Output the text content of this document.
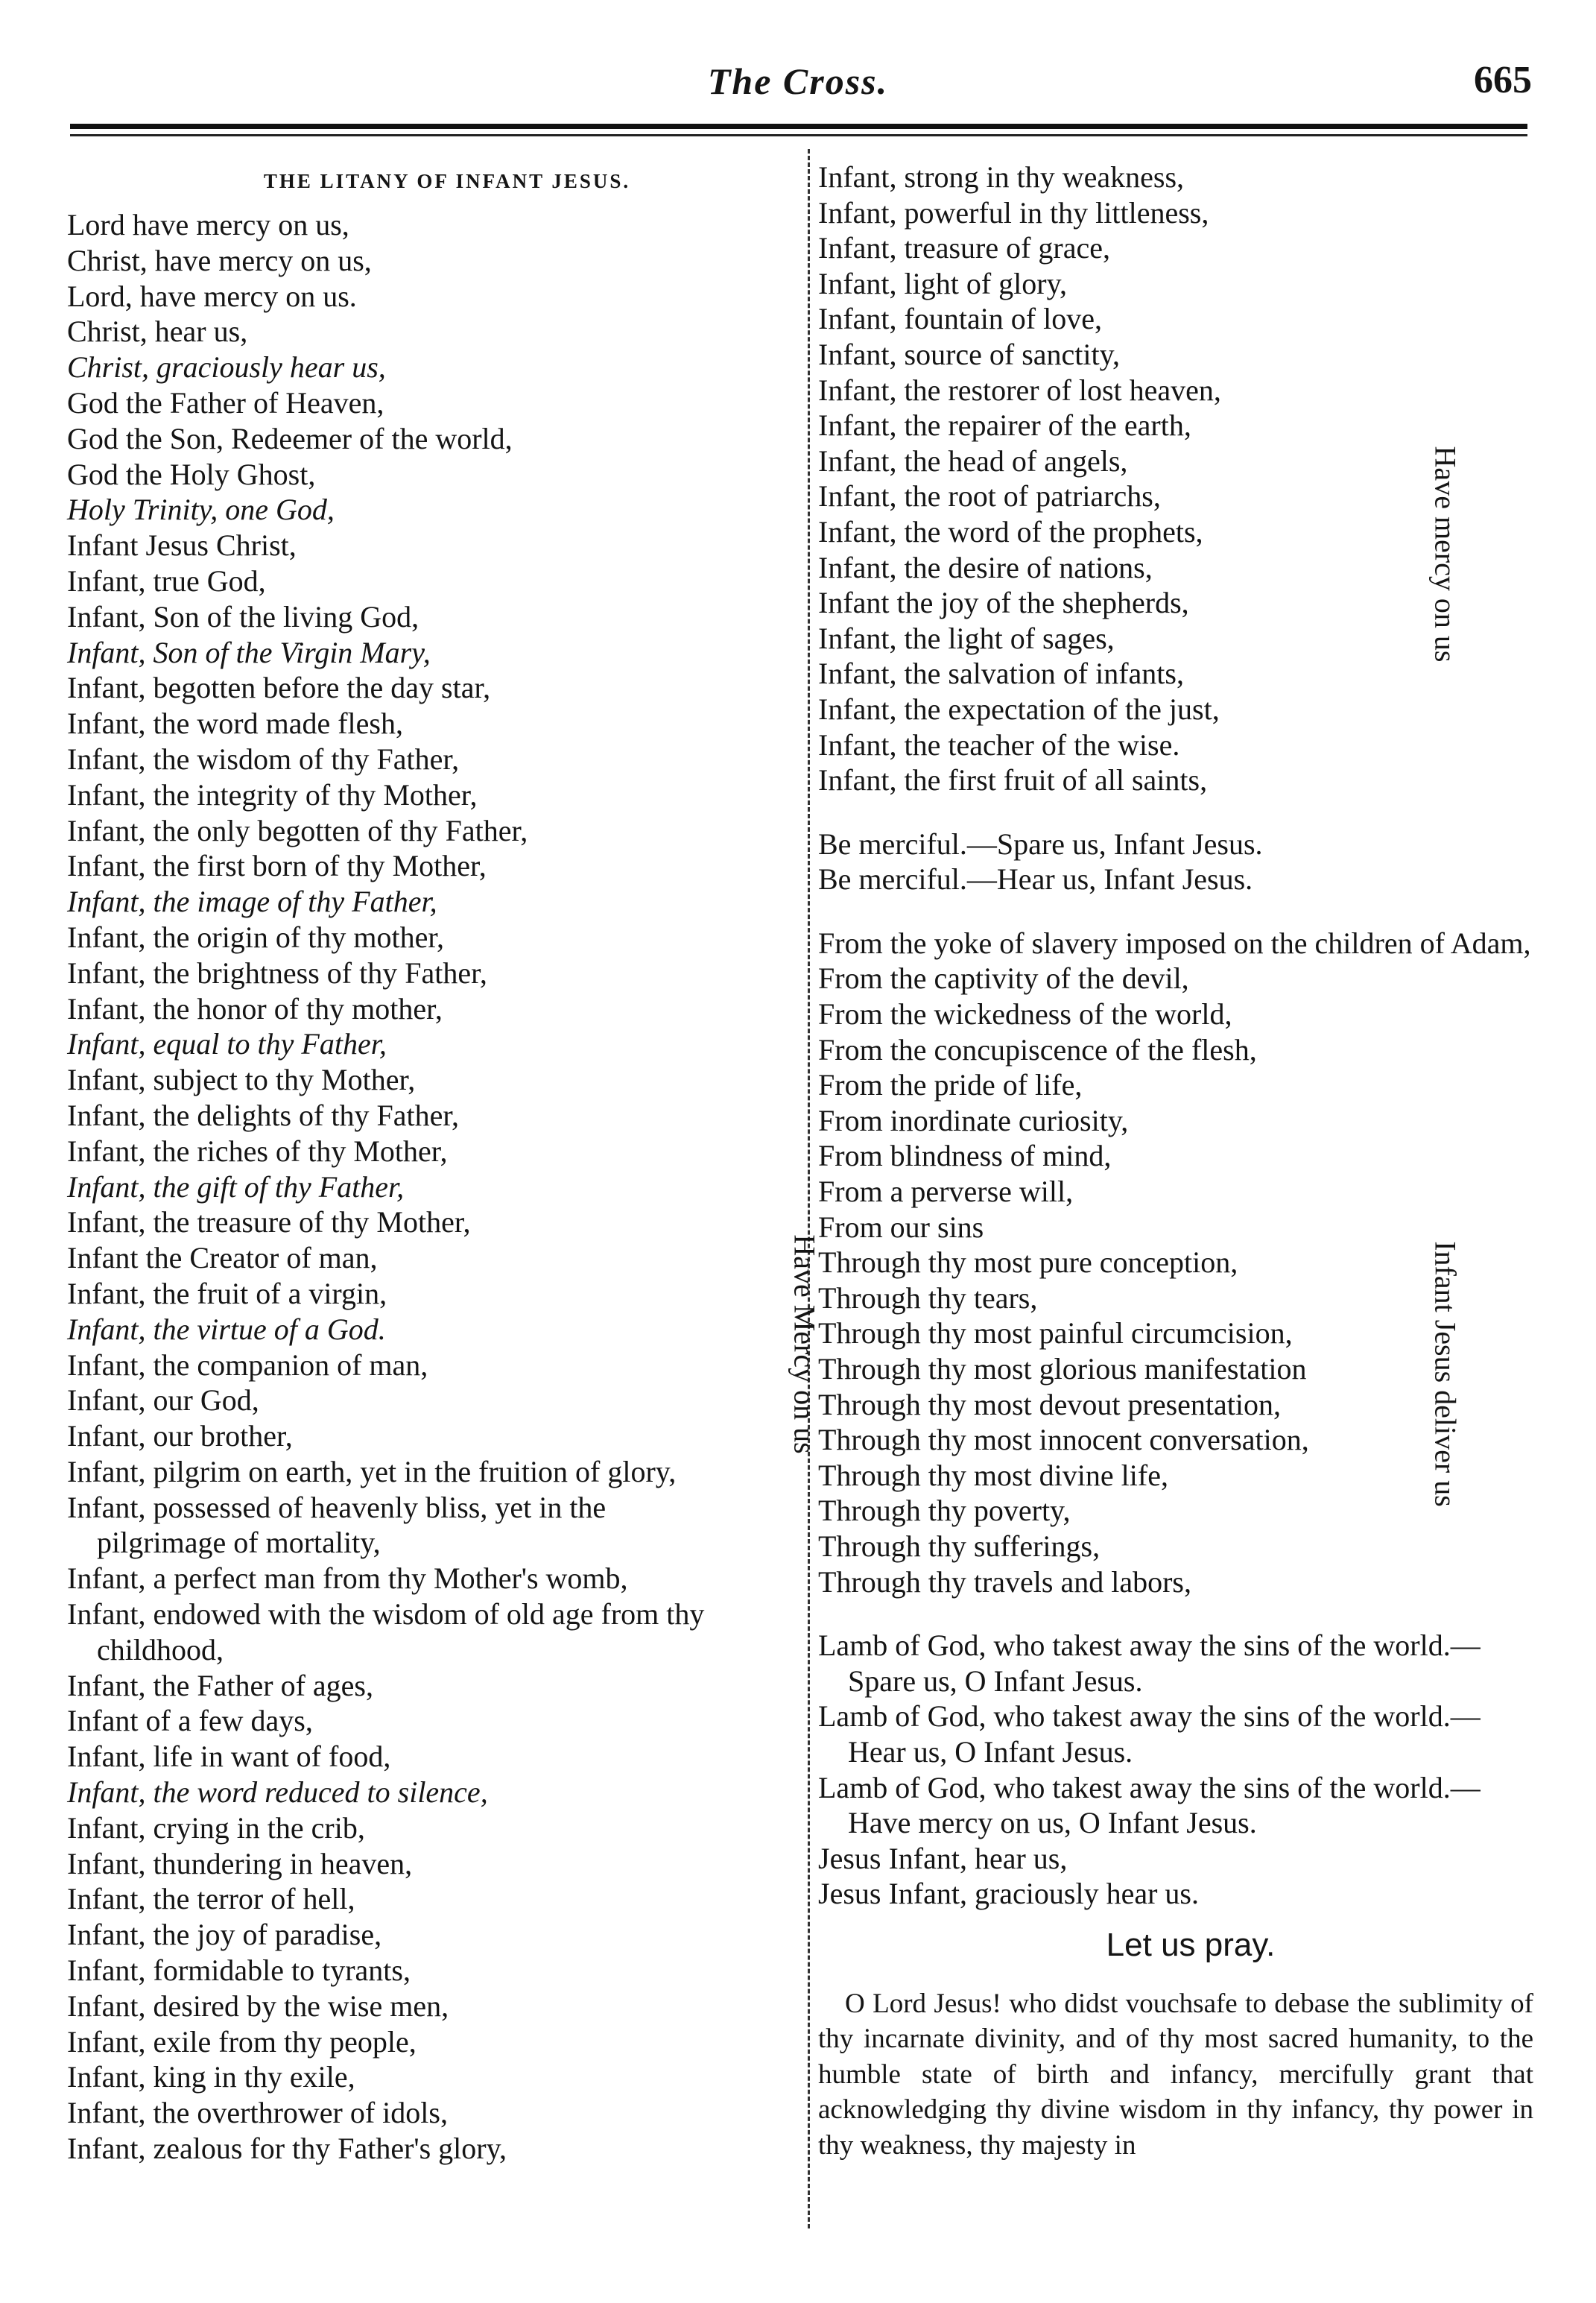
The Cross.	665
THE LITANY OF INFANT JESUS.
Lord have mercy on us,
Christ, have mercy on us,
Lord, have mercy on us.
Christ, hear us,
Christ, graciously hear us,
God the Father of Heaven,
God the Son, Redeemer of the world,
God the Holy Ghost,
Holy Trinity, one God,
Infant Jesus Christ,
Infant, true God,
Infant, Son of the living God,
Infant, Son of the Virgin Mary,
Infant, begotten before the day star,
Infant, the word made flesh,
Infant, the wisdom of thy Father,
Infant, the integrity of thy Mother,
Infant, the only begotten of thy Father,
Infant, the first born of thy Mother,
Infant, the image of thy Father,
Infant, the origin of thy mother,
Infant, the brightness of thy Father,
Infant, the honor of thy mother,
Infant, equal to thy Father,
Infant, subject to thy Mother,
Infant, the delights of thy Father,
Infant, the riches of thy Mother,
Infant, the gift of thy Father,
Infant, the treasure of thy Mother,
Infant the Creator of man,
Infant, the fruit of a virgin,
Infant, the virtue of a God.
Infant, the companion of man,
Infant, our God,
Infant, our brother,
Infant, pilgrim on earth, yet in the fruition of glory,
Infant, possessed of heavenly bliss, yet in the pilgrimage of mortality,
Infant, a perfect man from thy Mother's womb,
Infant, endowed with the wisdom of old age from thy childhood,
Infant, the Father of ages,
Infant of a few days,
Infant, life in want of food,
Infant, the word reduced to silence,
Infant, crying in the crib,
Infant, thundering in heaven,
Infant, the terror of hell,
Infant, the joy of paradise,
Infant, formidable to tyrants,
Infant, desired by the wise men,
Infant, exile from thy people,
Infant, king in thy exile,
Infant, the overthrower of idols,
Infant, zealous for thy Father's glory,
Have Mercy on us
Infant, strong in thy weakness,
Infant, powerful in thy littleness,
Infant, treasure of grace,
Infant, light of glory,
Infant, fountain of love,
Infant, source of sanctity,
Infant, the restorer of lost heaven,
Infant, the repairer of the earth,
Infant, the head of angels,
Infant, the root of patriarchs,
Infant, the word of the prophets,
Infant, the desire of nations,
Infant the joy of the shepherds,
Infant, the light of sages,
Infant, the salvation of infants,
Infant, the expectation of the just,
Infant, the teacher of the wise.
Infant, the first fruit of all saints,
Be merciful.—Spare us, Infant Jesus.
Be merciful.—Hear us, Infant Jesus.
From the yoke of slavery imposed on the children of Adam,
From the captivity of the devil,
From the wickedness of the world,
From the concupiscence of the flesh,
From the pride of life,
From inordinate curiosity,
From blindness of mind,
From a perverse will,
From our sins
Through thy most pure conception,
Through thy tears,
Through thy most painful circumcision,
Through thy most glorious manifestation
Through thy most devout presentation,
Through thy most innocent conversation,
Through thy most divine life,
Through thy poverty,
Through thy sufferings,
Through thy travels and labors,
Lamb of God, who takest away the sins of the world.—Spare us, O Infant Jesus.
Lamb of God, who takest away the sins of the world.—Hear us, O Infant Jesus.
Lamb of God, who takest away the sins of the world.—Have mercy on us, O Infant Jesus.
Jesus Infant, hear us,
Jesus Infant, graciously hear us.
Let us pray.
O Lord Jesus! who didst vouchsafe to debase the sublimity of thy incarnate divinity, and of thy most sacred humanity, to the humble state of birth and infancy, mercifully grant that acknowledging thy divine wisdom in thy infancy, thy power in thy weakness, thy majesty in
Have mercy on us
Infant Jesus deliver us
